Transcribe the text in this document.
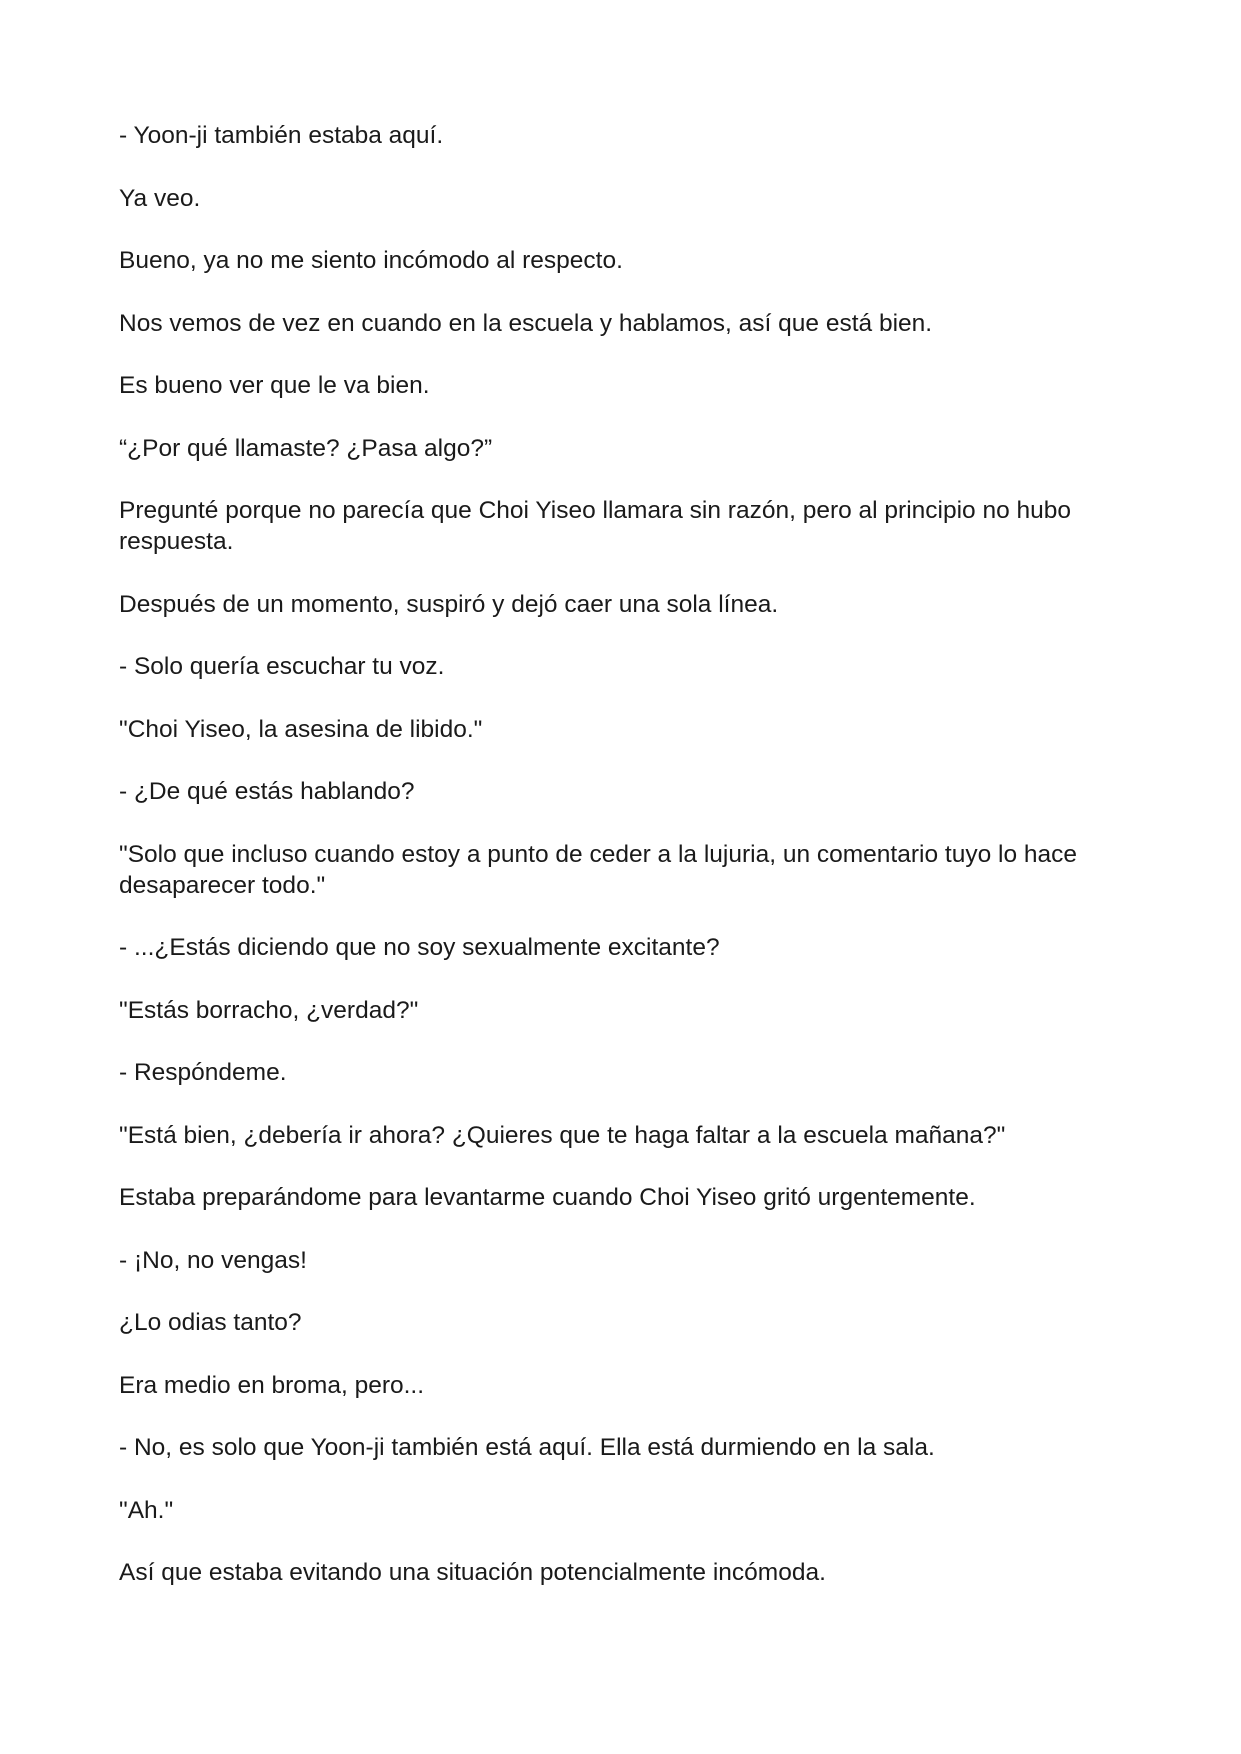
- Yoon-ji también estaba aquí.

Ya veo.

Bueno, ya no me siento incómodo al respecto.

Nos vemos de vez en cuando en la escuela y hablamos, así que está bien.

Es bueno ver que le va bien.

“¿Por qué llamaste? ¿Pasa algo?”

Pregunté porque no parecía que Choi Yiseo llamara sin razón, pero al principio no hubo respuesta.

Después de un momento, suspiró y dejó caer una sola línea.

- Solo quería escuchar tu voz.

"Choi Yiseo, la asesina de libido."

- ¿De qué estás hablando?

"Solo que incluso cuando estoy a punto de ceder a la lujuria, un comentario tuyo lo hace desaparecer todo."

- ...¿Estás diciendo que no soy sexualmente excitante?

"Estás borracho, ¿verdad?"

- Respóndeme.

"Está bien, ¿debería ir ahora? ¿Quieres que te haga faltar a la escuela mañana?"

Estaba preparándome para levantarme cuando Choi Yiseo gritó urgentemente.

- ¡No, no vengas!

¿Lo odias tanto?

Era medio en broma, pero...

- No, es solo que Yoon-ji también está aquí. Ella está durmiendo en la sala.

"Ah."

Así que estaba evitando una situación potencialmente incómoda.
